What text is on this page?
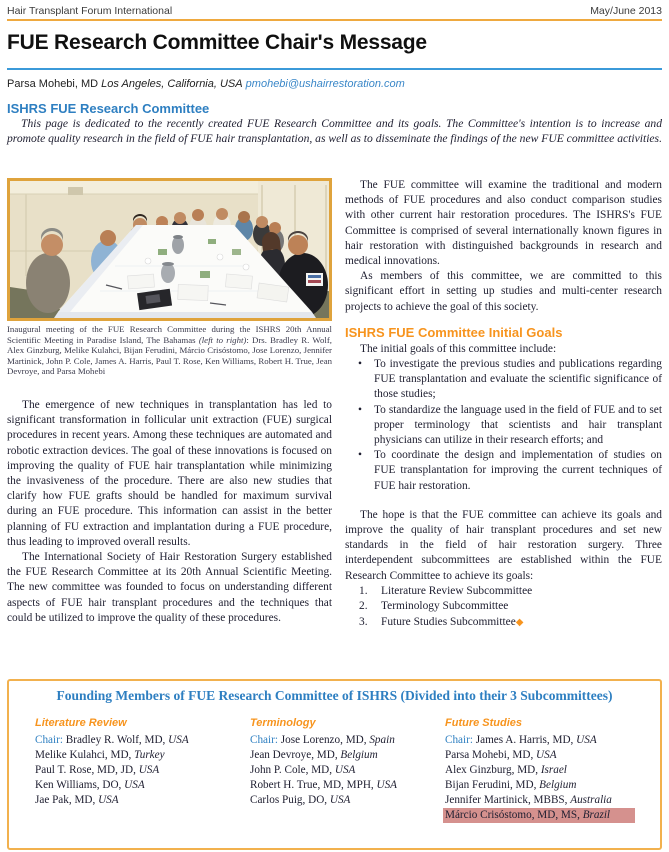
Hair Transplant Forum International	May/June 2013
FUE Research Committee Chair's Message
Parsa Mohebi, MD Los Angeles, California, USA pmohebi@ushairrestoration.com
ISHRS FUE Research Committee
This page is dedicated to the recently created FUE Research Committee and its goals. The Committee's intention is to increase and promote quality research in the field of FUE hair transplantation, as well as to disseminate the findings of the new FUE committee activities.
Inaugural meeting of the FUE Research Committee during the ISHRS 20th Annual Scientific Meeting in Paradise Island, The Bahamas (left to right): Drs. Bradley R. Wolf, Alex Ginzburg, Melike Kulahci, Bijan Ferudini, Márcio Crisóstomo, Jose Lorenzo, Jennifer Martinick, John P. Cole, James A. Harris, Paul T. Rose, Ken Williams, Robert H. True, Jean Devroye, and Parsa Mohebi

The emergence of new techniques in transplantation has led to significant transformation in follicular unit extraction (FUE) surgical procedures in recent years. Among these techniques are automated and robotic extraction devices. The goal of these innovations is focused on improving the quality of FUE hair transplantation while minimizing the invasiveness of the procedure. There are also new studies that clarify how FUE grafts should be handled for maximum survival during an FUE procedure. This information can assist in the better planning of FU extraction and implantation during a FUE procedure, thus leading to improved overall results.

The International Society of Hair Restoration Surgery established the FUE Research Committee at its 20th Annual Scientific Meeting. The new committee was founded to focus on understanding different aspects of FUE hair transplant procedures and the techniques that could be utilized to improve the quality of these procedures.

The FUE committee will examine the traditional and modern methods of FUE procedures and also conduct comparison studies with other current hair restoration procedures. The ISHRS's FUE Committee is comprised of several internationally known figures in hair restoration with distinguished backgrounds in research and medical innovations.

As members of this committee, we are committed to this significant effort in setting up studies and multi-center research projects to achieve the goal of this society.

ISHRS FUE Committee Initial Goals
The initial goals of this committee include:
•	To investigate the previous studies and publications regarding FUE transplantation and evaluate the scientific significance of those studies;
•	To standardize the language used in the field of FUE and to set proper terminology that scientists and hair transplant physicians can utilize in their research efforts; and
•	To coordinate the design and implementation of studies on FUE transplantation for improving the current techniques of FUE hair restoration.

The hope is that the FUE committee can achieve its goals and improve the quality of hair transplant procedures and set new standards in the field of hair restoration surgery. Three interdependent subcommittees are established within the FUE Research Committee to achieve its goals:

1.	Literature Review Subcommittee
2.	Terminology Subcommittee
3.	Future Studies Subcommittee◆
Founding Members of FUE Research Committee of ISHRS (Divided into their 3 Subcommittees)
Literature Review
Chair: Bradley R. Wolf, MD, USA
Melike Kulahci, MD, Turkey
Paul T. Rose, MD, JD, USA
Ken Williams, DO, USA
Jae Pak, MD, USA
Terminology
Chair: Jose Lorenzo, MD, Spain
Jean Devroye, MD, Belgium
John P. Cole, MD, USA
Robert H. True, MD, MPH, USA
Carlos Puig, DO, USA
Future Studies
Chair: James A. Harris, MD, USA
Parsa Mohebi, MD, USA
Alex Ginzburg, MD, Israel
Bijan Ferudini, MD, Belgium
Jennifer Martinick, MBBS, Australia
Márcio Crisóstomo, MD, MS, Brazil
